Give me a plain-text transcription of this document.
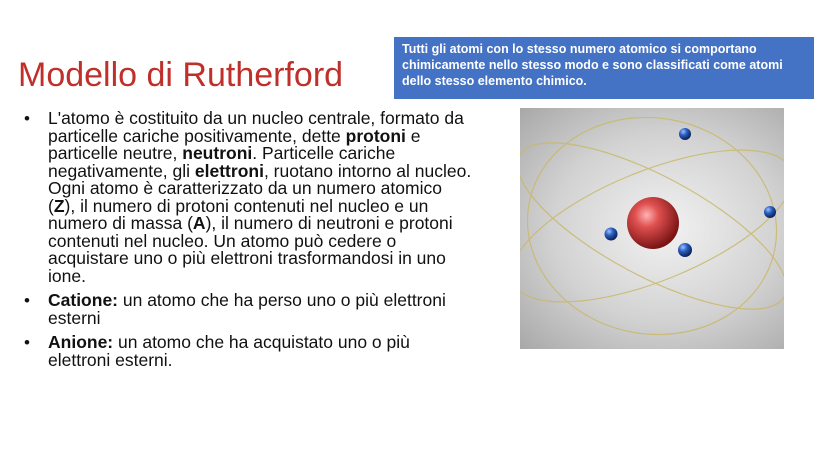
Modello di Rutherford
Tutti gli atomi con lo stesso numero atomico si comportano chimicamente nello stesso modo e sono classificati come atomi dello stesso elemento chimico.
• L'atomo è costituito da un nucleo centrale, formato da particelle cariche positivamente, dette protoni e particelle neutre, neutroni. Particelle cariche negativamente, gli elettroni, ruotano intorno al nucleo. Ogni atomo è caratterizzato da un numero atomico (Z), il numero di protoni contenuti nel nucleo e un numero di massa (A), il numero di neutroni e protoni contenuti nel nucleo. Un atomo può cedere o acquistare uno o più elettroni trasformandosi in uno ione.
• Catione: un atomo che ha perso uno o più elettroni esterni
• Anione: un atomo che ha acquistato uno o più elettroni esterni.
